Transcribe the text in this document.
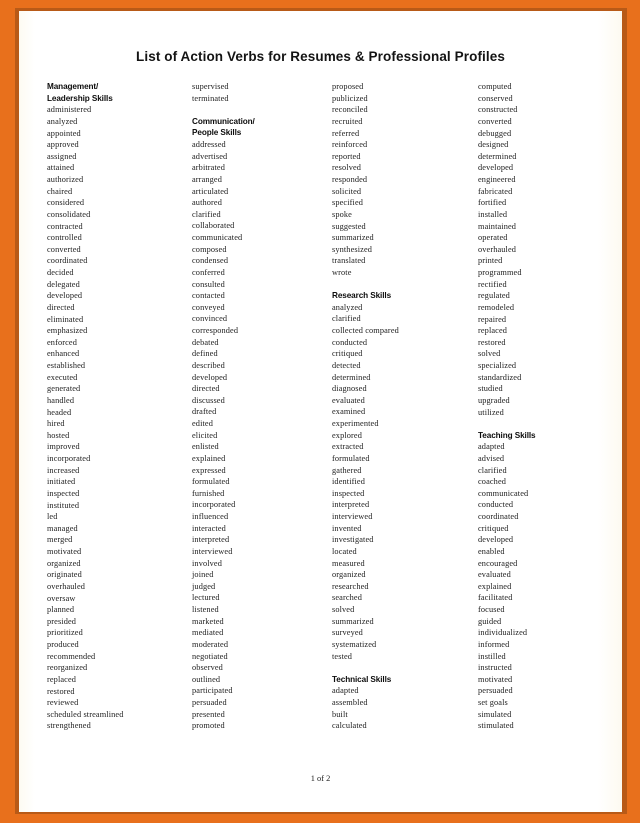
List of Action Verbs for Resumes & Professional Profiles
Management/
Leadership Skills
administered
analyzed
appointed
approved
assigned
attained
authorized
chaired
considered
consolidated
contracted
controlled
converted
coordinated
decided
delegated
developed
directed
eliminated
emphasized
enforced
enhanced
established
executed
generated
handled
headed
hired
hosted
improved
incorporated
increased
initiated
inspected
instituted
led
managed
merged
motivated
organized
originated
overhauled
oversaw
planned
presided
prioritized
produced
recommended
reorganized
replaced
restored
reviewed
scheduled streamlined
strengthened
supervised
terminated
Communication/
People Skills
addressed
advertised
arbitrated
arranged
articulated
authored
clarified
collaborated
communicated
composed
condensed
conferred
consulted
contacted
conveyed
convinced
corresponded
debated
defined
described
developed
directed
discussed
drafted
edited
elicited
enlisted
explained
expressed
formulated
furnished
incorporated
influenced
interacted
interpreted
interviewed
involved
joined
judged
lectured
listened
marketed
mediated
moderated
negotiated
observed
outlined
participated
persuaded
presented
promoted
proposed
publicized
reconciled
recruited
referred
reinforced
reported
resolved
responded
solicited
specified
spoke
suggested
summarized
synthesized
translated
wrote
Research Skills
analyzed
clarified
collected compared
conducted
critiqued
detected
determined
diagnosed
evaluated
examined
experimented
explored
extracted
formulated
gathered
identified
inspected
interpreted
interviewed
invented
investigated
located
measured
organized
researched
searched
solved
summarized
surveyed
systematized
tested
Technical Skills
adapted
assembled
built
calculated
computed
conserved
constructed
converted
debugged
designed
determined
developed
engineered
fabricated
fortified
installed
maintained
operated
overhauled
printed
programmed
rectified
regulated
remodeled
repaired
replaced
restored
solved
specialized
standardized
studied
upgraded
utilized
Teaching Skills
adapted
advised
clarified
coached
communicated
conducted
coordinated
critiqued
developed
enabled
encouraged
evaluated
explained
facilitated
focused
guided
individualized
informed
instilled
instructed
motivated
persuaded
set goals
simulated
stimulated
1 of 2
